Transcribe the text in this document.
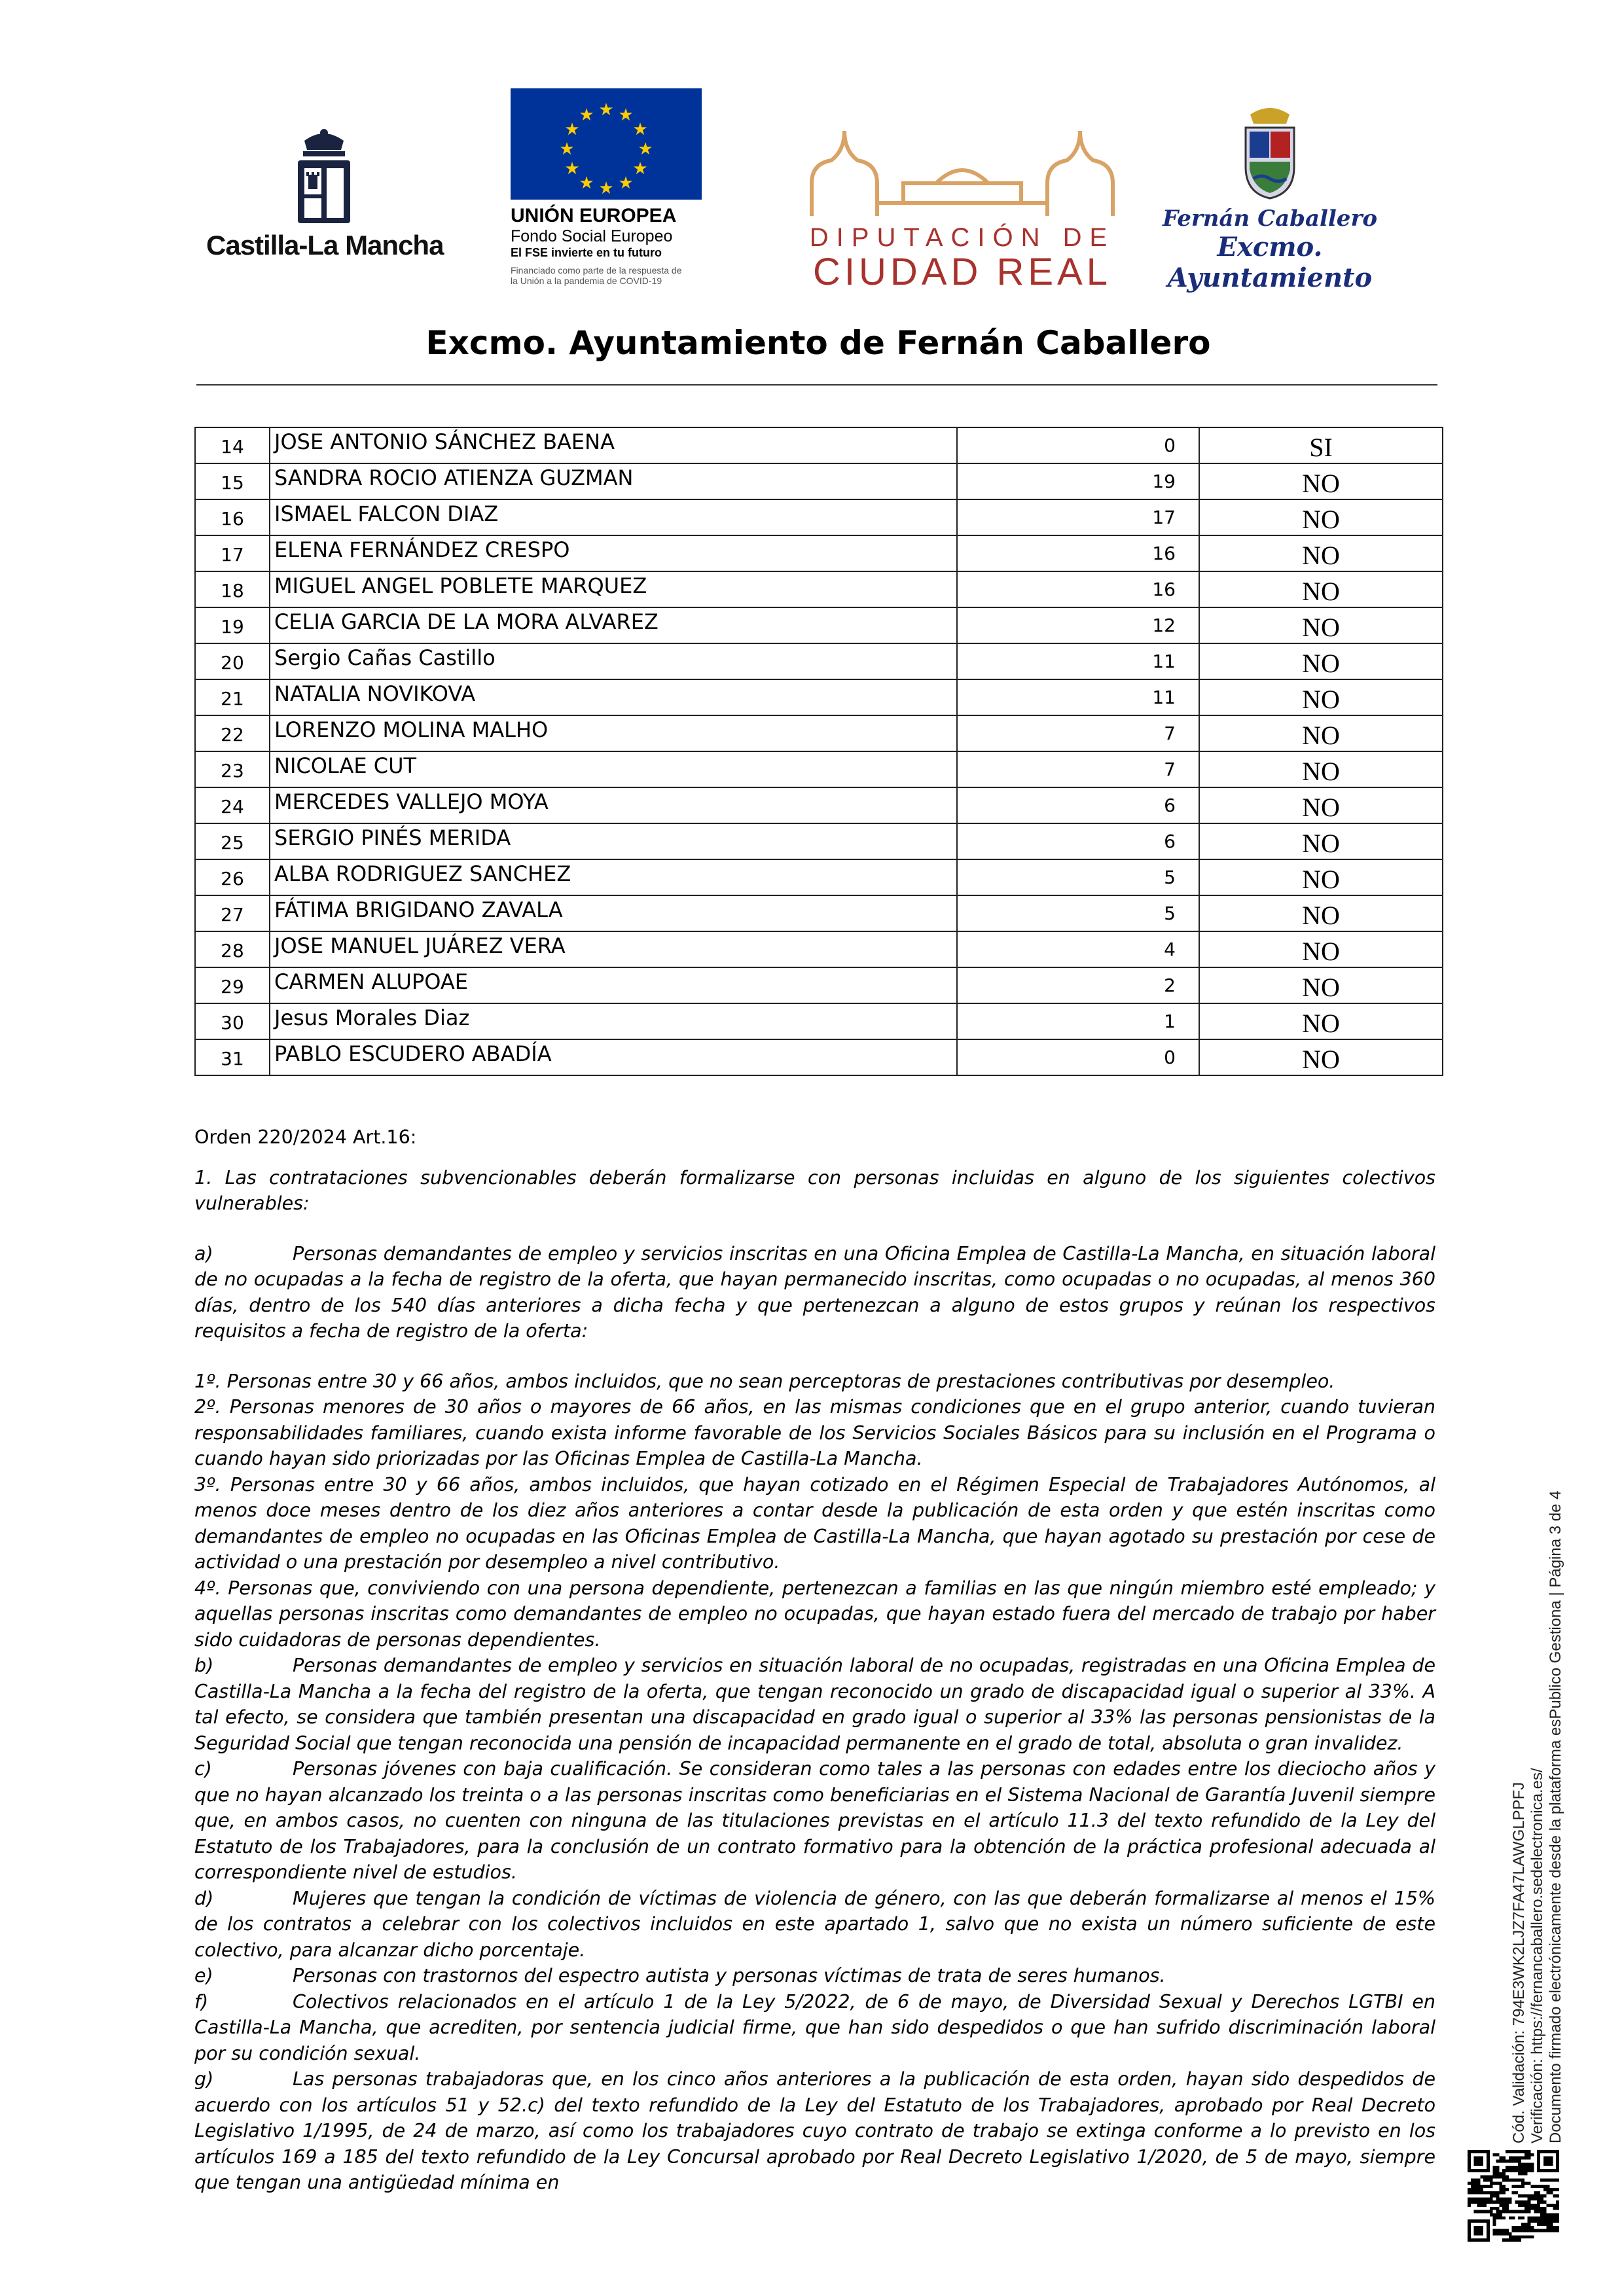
Castilla-La Mancha
★ ★
★
★
★
★
★
★
★
★
★
★
UNIÓN EUROPEA
Fondo Social Europeo
El FSE invierte en tu futuro
Financiado como parte de la respuesta de
la Unión a la pandemia de COVID-19
DIPUTACIÓN DE
CIUDAD REAL
Fernán Caballero
Excmo. Ayuntamiento
Excmo. Ayuntamiento de Fernán Caballero
14	JOSE ANTONIO SÁNCHEZ BAENA	0	SI
15	SANDRA ROCIO ATIENZA GUZMAN	19	NO
16	ISMAEL FALCON DIAZ	17	NO
17	ELENA FERNÁNDEZ CRESPO	16	NO
18	MIGUEL ANGEL POBLETE MARQUEZ	16	NO
19	CELIA GARCIA DE LA MORA ALVAREZ	12	NO
20	Sergio Cañas Castillo	11	NO
21	NATALIA NOVIKOVA	11	NO
22	LORENZO MOLINA MALHO	7	NO
23	NICOLAE CUT	7	NO
24	MERCEDES VALLEJO MOYA	6	NO
25	SERGIO PINÉS MERIDA	6	NO
26	ALBA RODRIGUEZ SANCHEZ	5	NO
27	FÁTIMA BRIGIDANO ZAVALA	5	NO
28	JOSE MANUEL JUÁREZ VERA	4	NO
29	CARMEN ALUPOAE	2	NO
30	Jesus Morales Diaz	1	NO
31	PABLO ESCUDERO ABADÍA	0	NO

Orden 220/2024 Art.16:

1. Las contrataciones subvencionables deberán formalizarse con personas incluidas en alguno de los siguientes colectivos vulnerables:

a)	Personas demandantes de empleo y servicios inscritas en una Oficina Emplea de Castilla-La Mancha, en situación laboral de no ocupadas a la fecha de registro de la oferta, que hayan permanecido inscritas, como ocupadas o no ocupadas, al menos 360 días, dentro de los 540 días anteriores a dicha fecha y que pertenezcan a alguno de estos grupos y reúnan los respectivos requisitos a fecha de registro de la oferta:

1º. Personas entre 30 y 66 años, ambos incluidos, que no sean perceptoras de prestaciones contributivas por desempleo.

2º. Personas menores de 30 años o mayores de 66 años, en las mismas condiciones que en el grupo anterior, cuando tuvieran responsabilidades familiares, cuando exista informe favorable de los Servicios Sociales Básicos para su inclusión en el Programa o cuando hayan sido priorizadas por las Oficinas Emplea de Castilla-La Mancha.

3º. Personas entre 30 y 66 años, ambos incluidos, que hayan cotizado en el Régimen Especial de Trabajadores Autónomos, al menos doce meses dentro de los diez años anteriores a contar desde la publicación de esta orden y que estén inscritas como demandantes de empleo no ocupadas en las Oficinas Emplea de Castilla-La Mancha, que hayan agotado su prestación por cese de actividad o una prestación por desempleo a nivel contributivo.

4º. Personas que, conviviendo con una persona dependiente, pertenezcan a familias en las que ningún miembro esté empleado; y aquellas personas inscritas como demandantes de empleo no ocupadas, que hayan estado fuera del mercado de trabajo por haber sido cuidadoras de personas dependientes.

b)	Personas demandantes de empleo y servicios en situación laboral de no ocupadas, registradas en una Oficina Emplea de Castilla-La Mancha a la fecha del registro de la oferta, que tengan reconocido un grado de discapacidad igual o superior al 33%. A tal efecto, se considera que también presentan una discapacidad en grado igual o superior al 33% las personas pensionistas de la Seguridad Social que tengan reconocida una pensión de incapacidad permanente en el grado de total, absoluta o gran invalidez.

c)	Personas jóvenes con baja cualificación. Se consideran como tales a las personas con edades entre los dieciocho años y que no hayan alcanzado los treinta o a las personas inscritas como beneficiarias en el Sistema Nacional de Garantía Juvenil siempre que, en ambos casos, no cuenten con ninguna de las titulaciones previstas en el artículo 11.3 del texto refundido de la Ley del Estatuto de los Trabajadores, para la conclusión de un contrato formativo para la obtención de la práctica profesional adecuada al correspondiente nivel de estudios.

d)	Mujeres que tengan la condición de víctimas de violencia de género, con las que deberán formalizarse al menos el 15% de los contratos a celebrar con los colectivos incluidos en este apartado 1, salvo que no exista un número suficiente de este colectivo, para alcanzar dicho porcentaje.

e)	Personas con trastornos del espectro autista y personas víctimas de trata de seres humanos.

f)	Colectivos relacionados en el artículo 1 de la Ley 5/2022, de 6 de mayo, de Diversidad Sexual y Derechos LGTBI en Castilla-La Mancha, que acrediten, por sentencia judicial firme, que han sido despedidos o que han sufrido discriminación laboral por su condición sexual.

g)	Las personas trabajadoras que, en los cinco años anteriores a la publicación de esta orden, hayan sido despedidos de acuerdo con los artículos 51 y 52.c) del texto refundido de la Ley del Estatuto de los Trabajadores, aprobado por Real Decreto Legislativo 1/1995, de 24 de marzo, así como los trabajadores cuyo contrato de trabajo se extinga conforme a lo previsto en los artículos 169 a 185 del texto refundido de la Ley Concursal aprobado por Real Decreto Legislativo 1/2020, de 5 de mayo, siempre que tengan una antigüedad mínima en

Cód. Validación: 794E3WK2LJZ7FA47LAWGLPPFJ Verificación: https://fernancaballero.sedelectronica.es/ Documento firmado electrónicamente desde la plataforma esPublico Gestiona | Página 3 de 4
